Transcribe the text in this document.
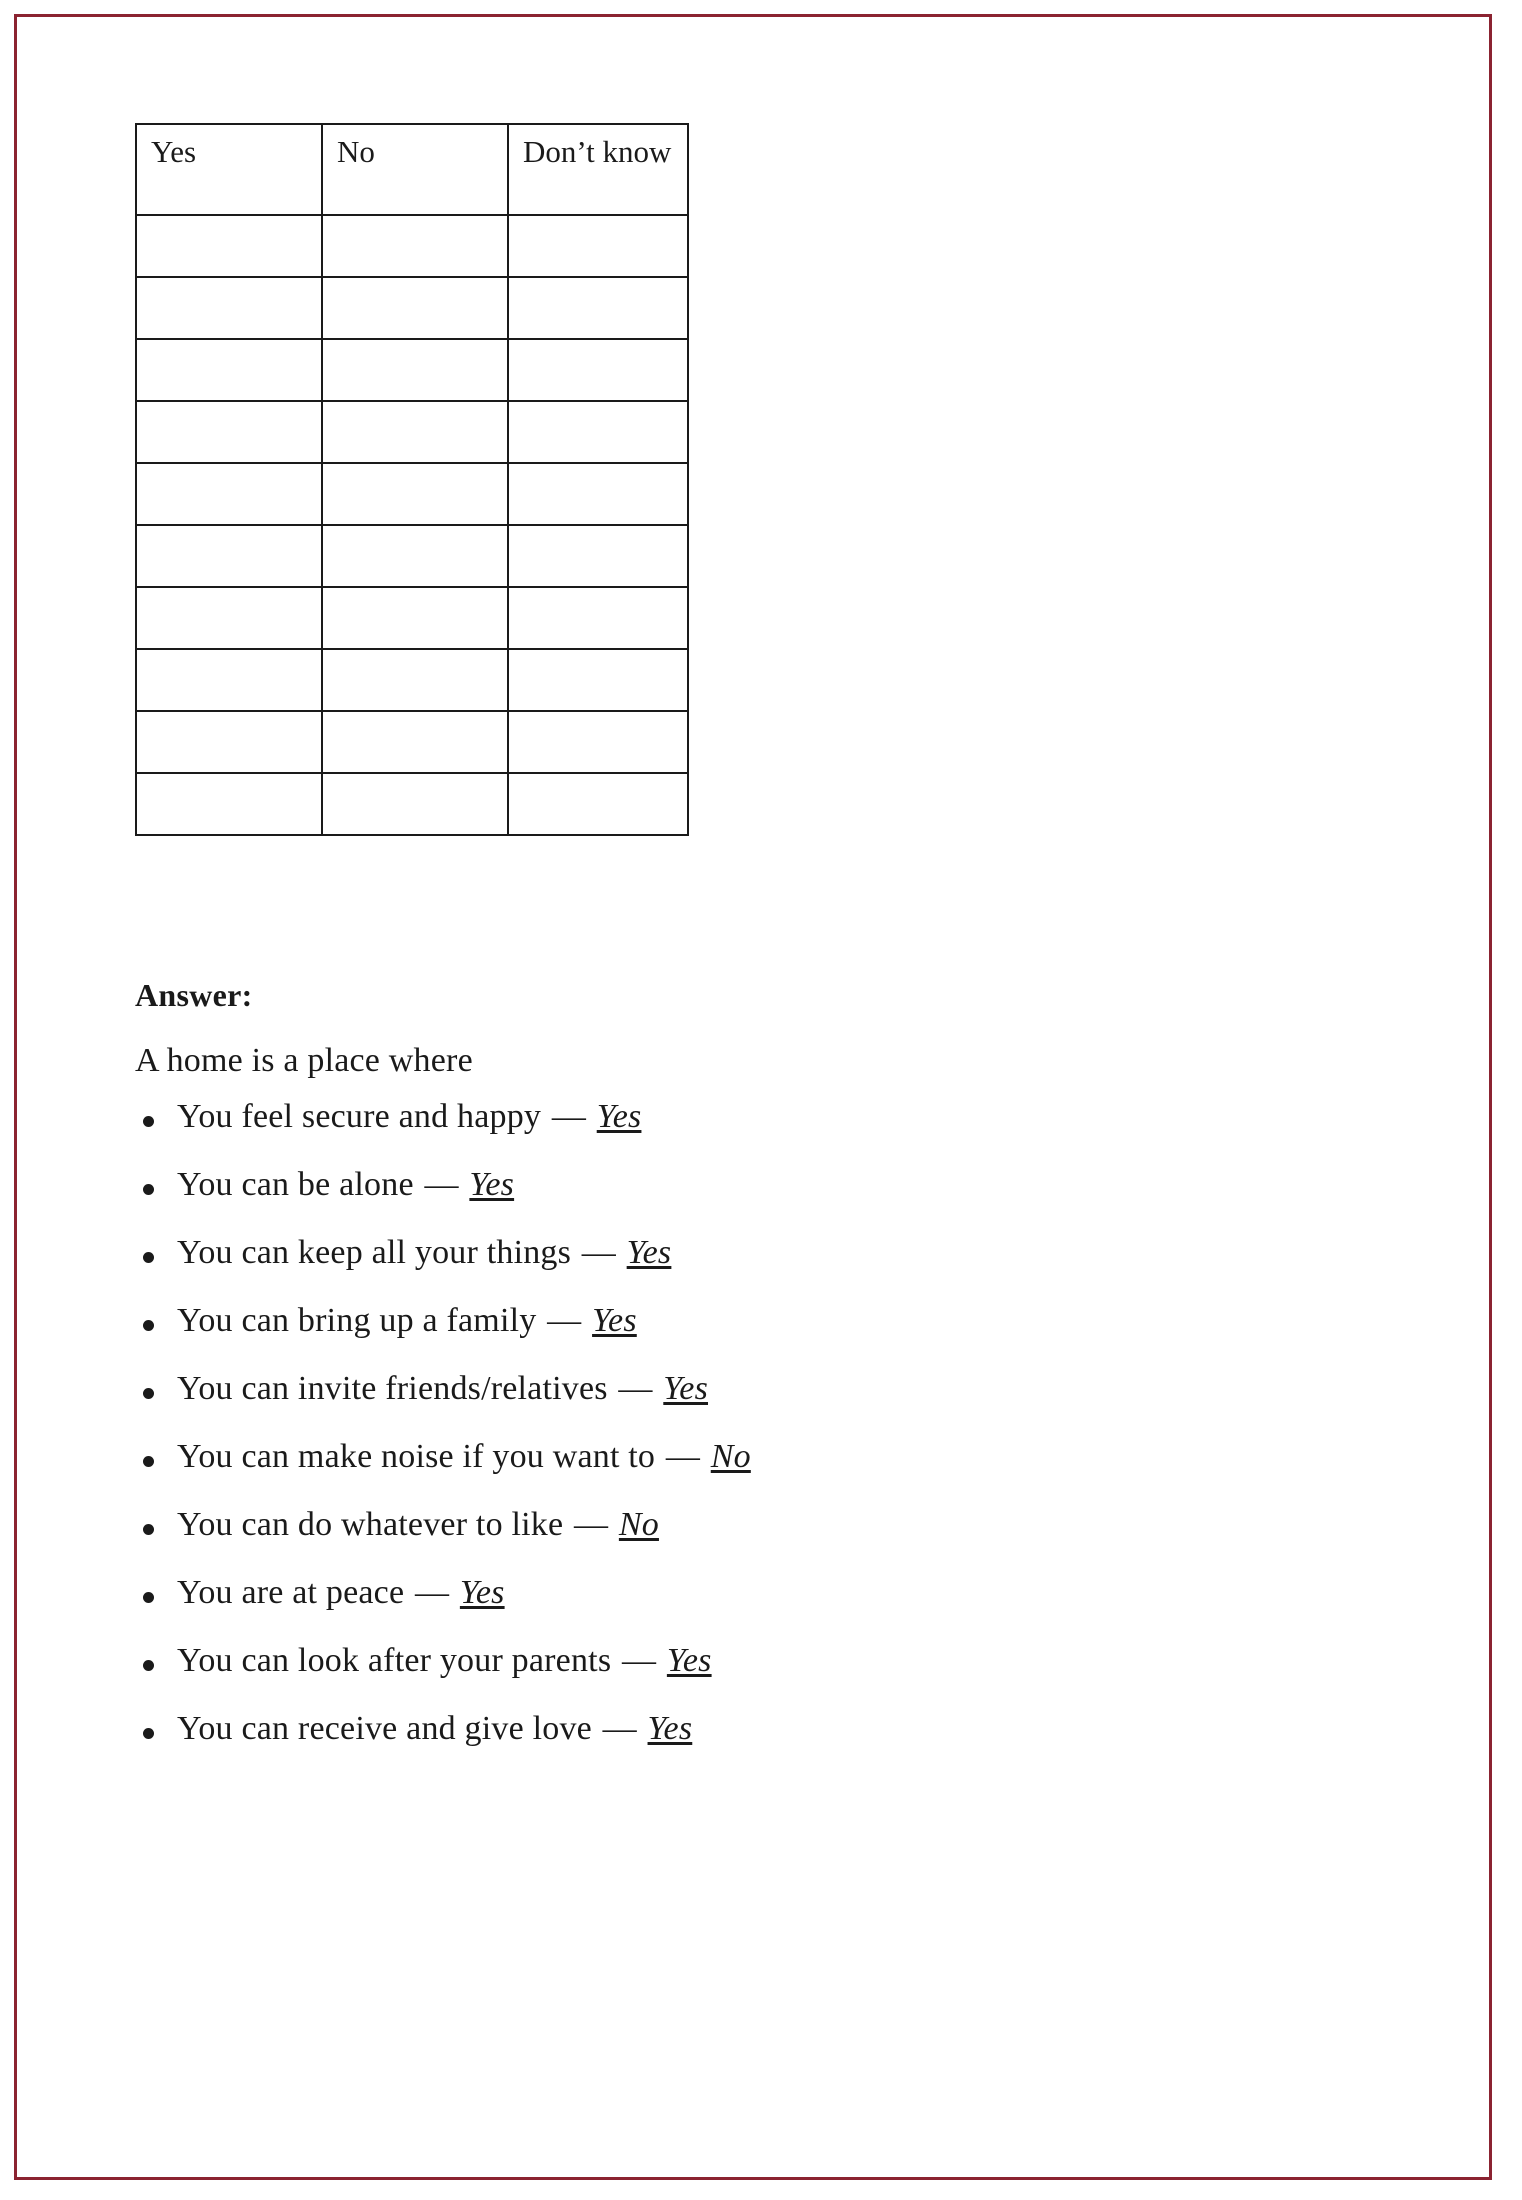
Yes	No	Don’t know

Answer:
A home is a place where
You feel secure and happy — Yes
You can be alone — Yes
You can keep all your things — Yes
You can bring up a family — Yes
You can invite friends/relatives — Yes
You can make noise if you want to — No
You can do whatever to like — No
You are at peace — Yes
You can look after your parents — Yes
You can receive and give love — Yes
